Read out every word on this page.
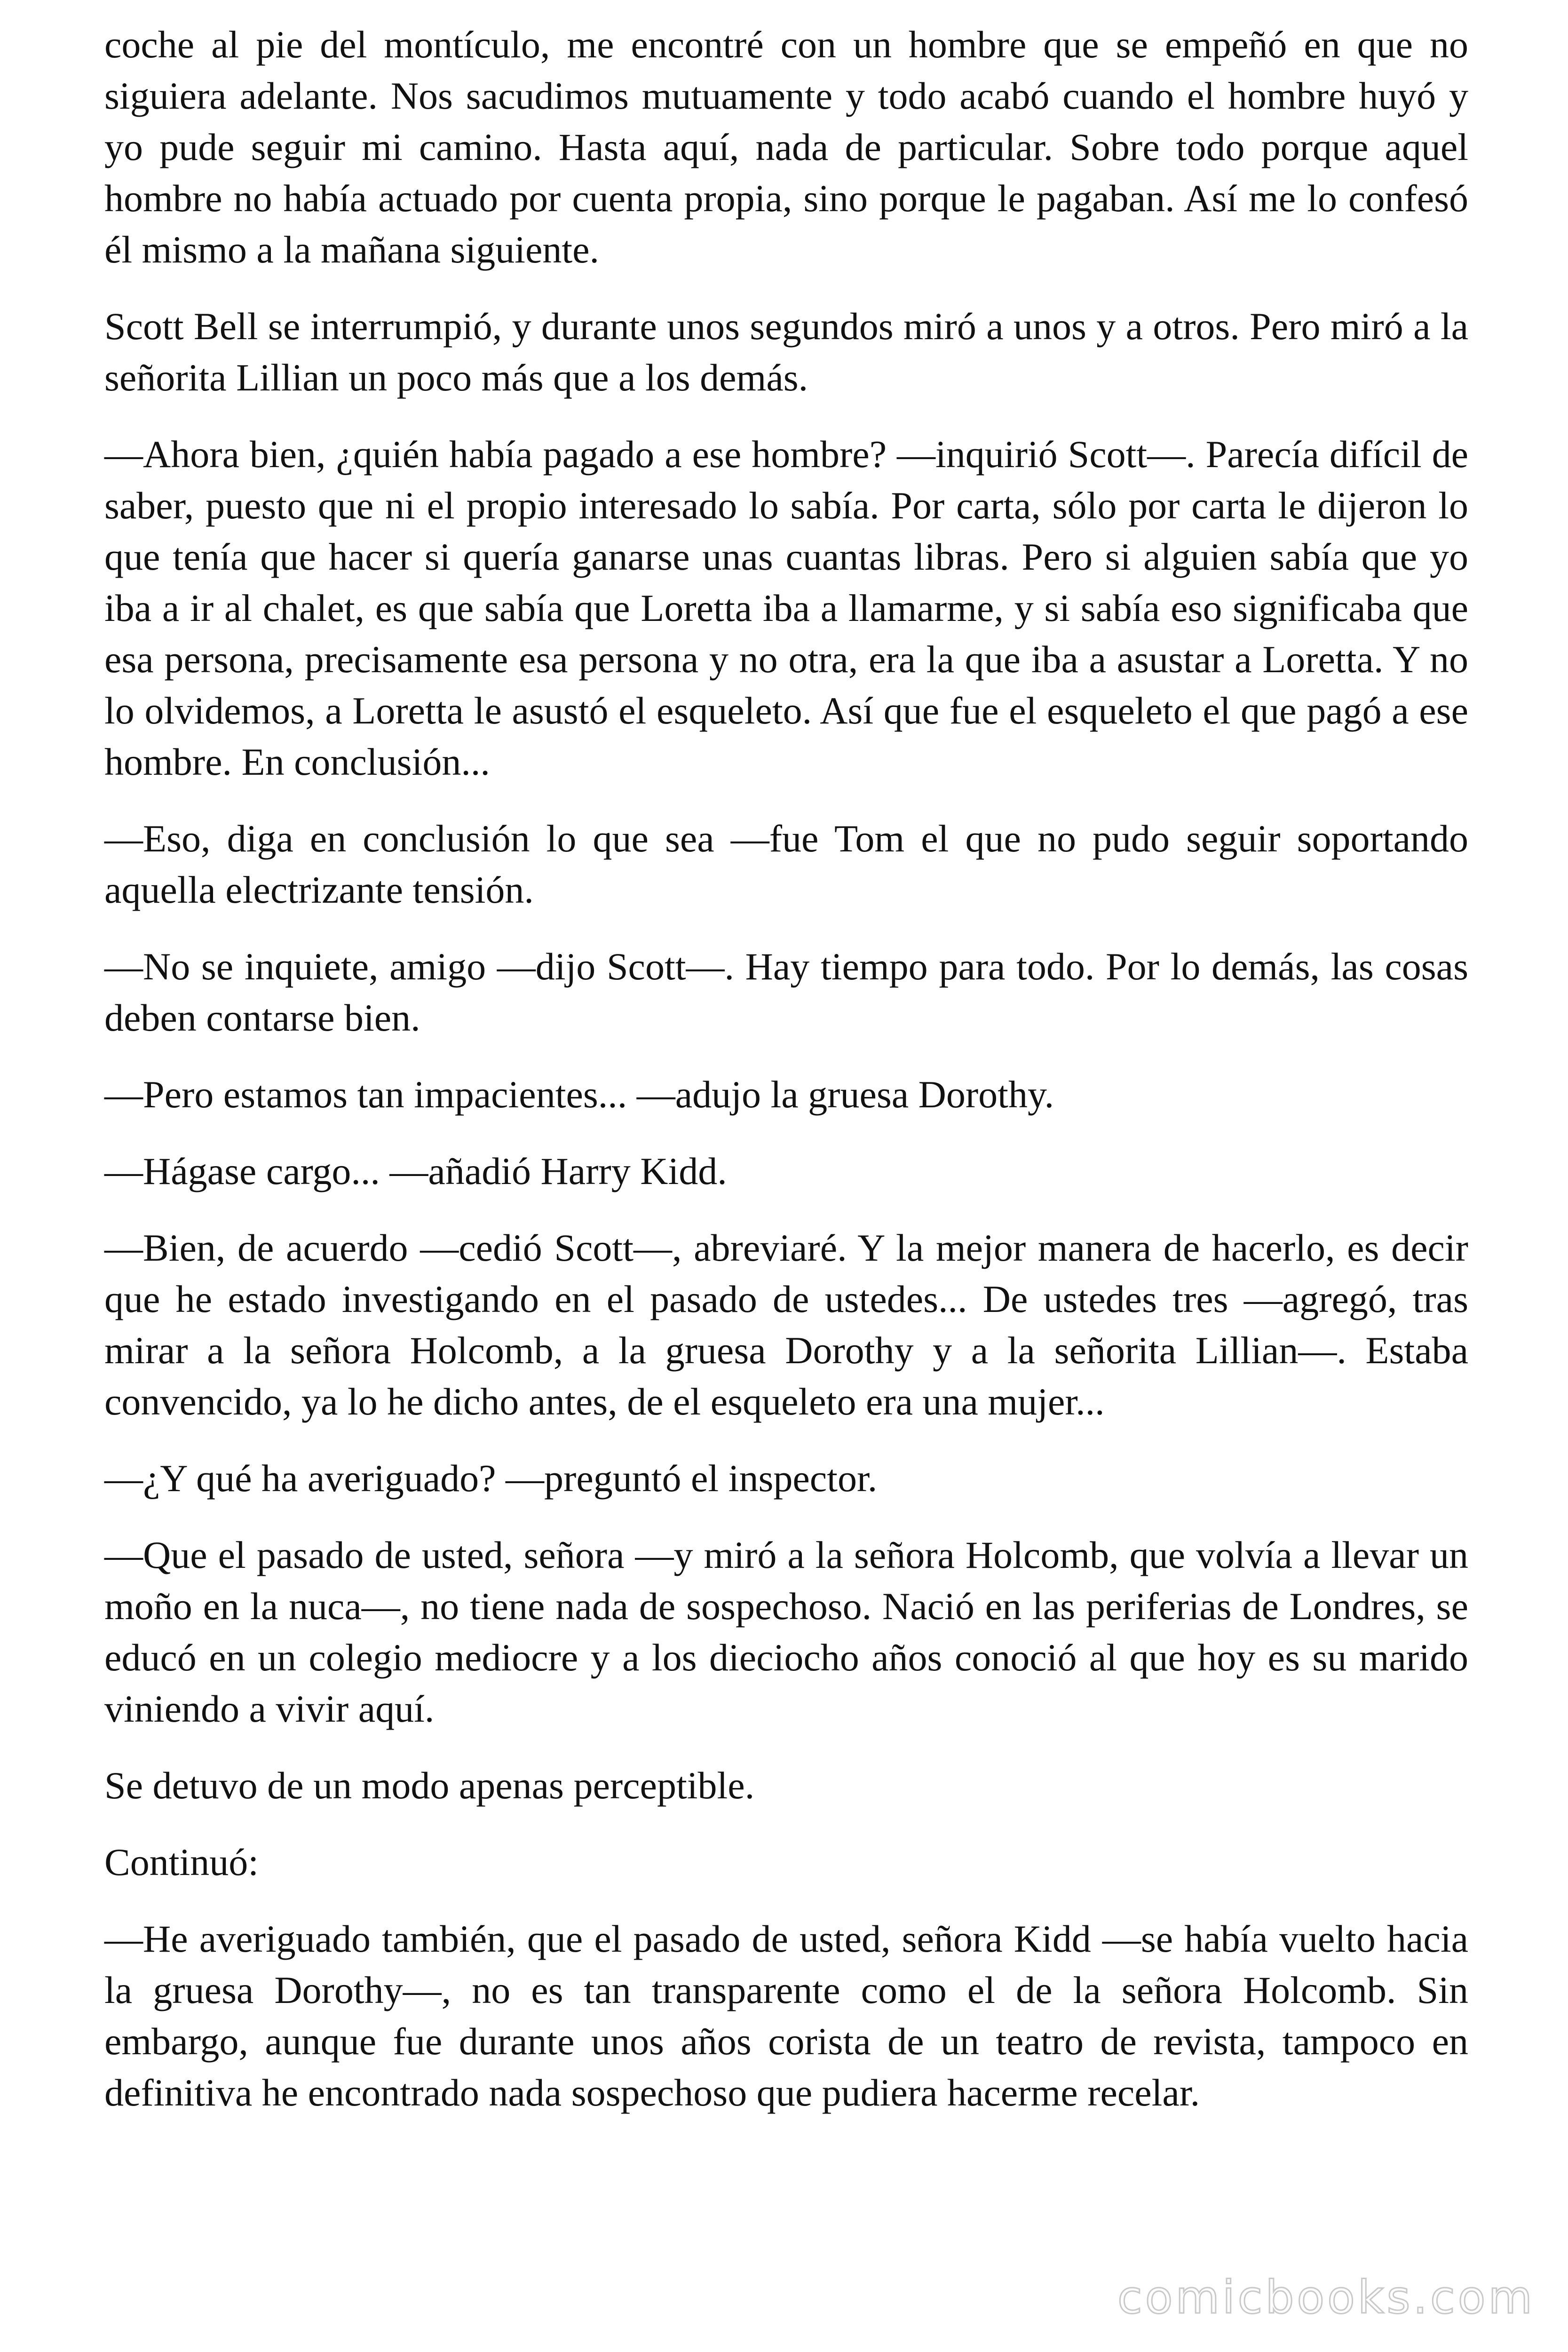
coche al pie del montículo, me encontré con un hombre que se empeñó en que no siguiera adelante. Nos sacudimos mutuamente y todo acabó cuando el hombre huyó y yo pude seguir mi camino. Hasta aquí, nada de particular. Sobre todo porque aquel hombre no había actuado por cuenta propia, sino porque le pagaban. Así me lo confesó él mismo a la mañana siguiente.

Scott Bell se interrumpió, y durante unos segundos miró a unos y a otros. Pero miró a la señorita Lillian un poco más que a los demás.

—Ahora bien, ¿quién había pagado a ese hombre? —inquirió Scott—. Parecía difícil de saber, puesto que ni el propio interesado lo sabía. Por carta, sólo por carta le dijeron lo que tenía que hacer si quería ganarse unas cuantas libras. Pero si alguien sabía que yo iba a ir al chalet, es que sabía que Loretta iba a llamarme, y si sabía eso significaba que esa persona, precisamente esa persona y no otra, era la que iba a asustar a Loretta. Y no lo olvidemos, a Loretta le asustó el esqueleto. Así que fue el esqueleto el que pagó a ese hombre. En conclusión...

—Eso, diga en conclusión lo que sea —fue Tom el que no pudo seguir soportando aquella electrizante tensión.

—No se inquiete, amigo —dijo Scott—. Hay tiempo para todo. Por lo demás, las cosas deben contarse bien.

—Pero estamos tan impacientes... —adujo la gruesa Dorothy.

—Hágase cargo... —añadió Harry Kidd.

—Bien, de acuerdo —cedió Scott—, abreviaré. Y la mejor manera de hacerlo, es decir que he estado investigando en el pasado de ustedes... De ustedes tres —agregó, tras mirar a la señora Holcomb, a la gruesa Dorothy y a la señorita Lillian—. Estaba convencido, ya lo he dicho antes, de el esqueleto era una mujer...

—¿Y qué ha averiguado? —preguntó el inspector.

—Que el pasado de usted, señora —y miró a la señora Holcomb, que volvía a llevar un moño en la nuca—, no tiene nada de sospechoso. Nació en las periferias de Londres, se educó en un colegio mediocre y a los dieciocho años conoció al que hoy es su marido viniendo a vivir aquí.

Se detuvo de un modo apenas perceptible.

Continuó:

—He averiguado también, que el pasado de usted, señora Kidd —se había vuelto hacia la gruesa Dorothy—, no es tan transparente como el de la señora Holcomb. Sin embargo, aunque fue durante unos años corista de un teatro de revista, tampoco en definitiva he encontrado nada sospechoso que pudiera hacerme recelar.

comicbooks.com
